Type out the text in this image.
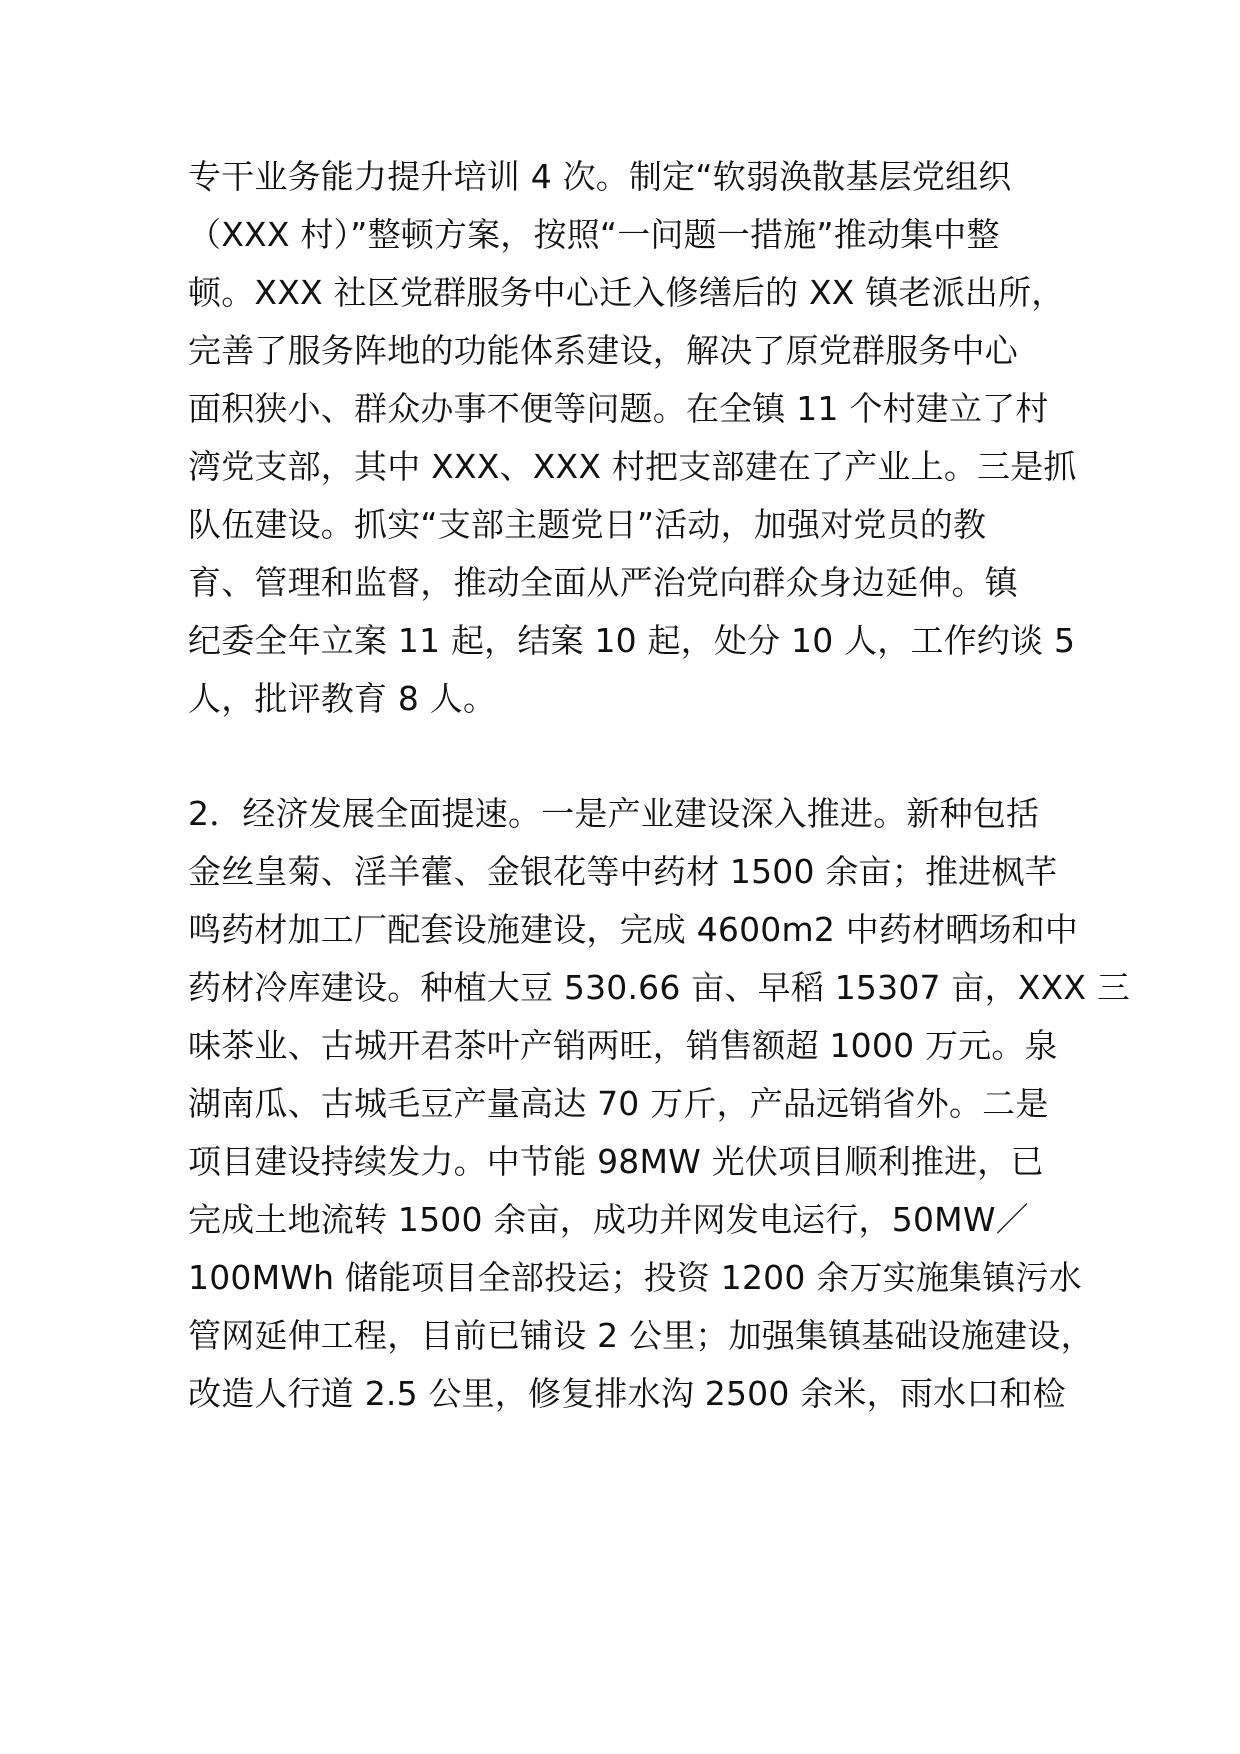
专干业务能力提升培训 4 次。制定“软弱涣散基层党组织
（XXX 村）”整顿方案，按照“一问题一措施”推动集中整
顿。XXX 社区党群服务中心迁入修缮后的 XX 镇老派出所，
完善了服务阵地的功能体系建设，解决了原党群服务中心
面积狭小、群众办事不便等问题。在全镇 11 个村建立了村
湾党支部，其中 XXX、XXX 村把支部建在了产业上。三是抓
队伍建设。抓实“支部主题党日”活动，加强对党员的教
育、管理和监督，推动全面从严治党向群众身边延伸。镇
纪委全年立案 11 起，结案 10 起，处分 10 人，工作约谈 5
人，批评教育 8 人。
2．经济发展全面提速。一是产业建设深入推进。新种包括
金丝皇菊、淫羊藿、金银花等中药材 1500 余亩；推进枫芊
鸣药材加工厂配套设施建设，完成 4600m2 中药材晒场和中
药材冷库建设。种植大豆 530.66 亩、早稻 15307 亩，XXX 三
味茶业、古城开君茶叶产销两旺，销售额超 1000 万元。泉
湖南瓜、古城毛豆产量高达 70 万斤，产品远销省外。二是
项目建设持续发力。中节能 98MW 光伏项目顺利推进，已
完成土地流转 1500 余亩，成功并网发电运行，50MW／
100MWh 储能项目全部投运；投资 1200 余万实施集镇污水
管网延伸工程，目前已铺设 2 公里；加强集镇基础设施建设，
改造人行道 2.5 公里，修复排水沟 2500 余米，雨水口和检
